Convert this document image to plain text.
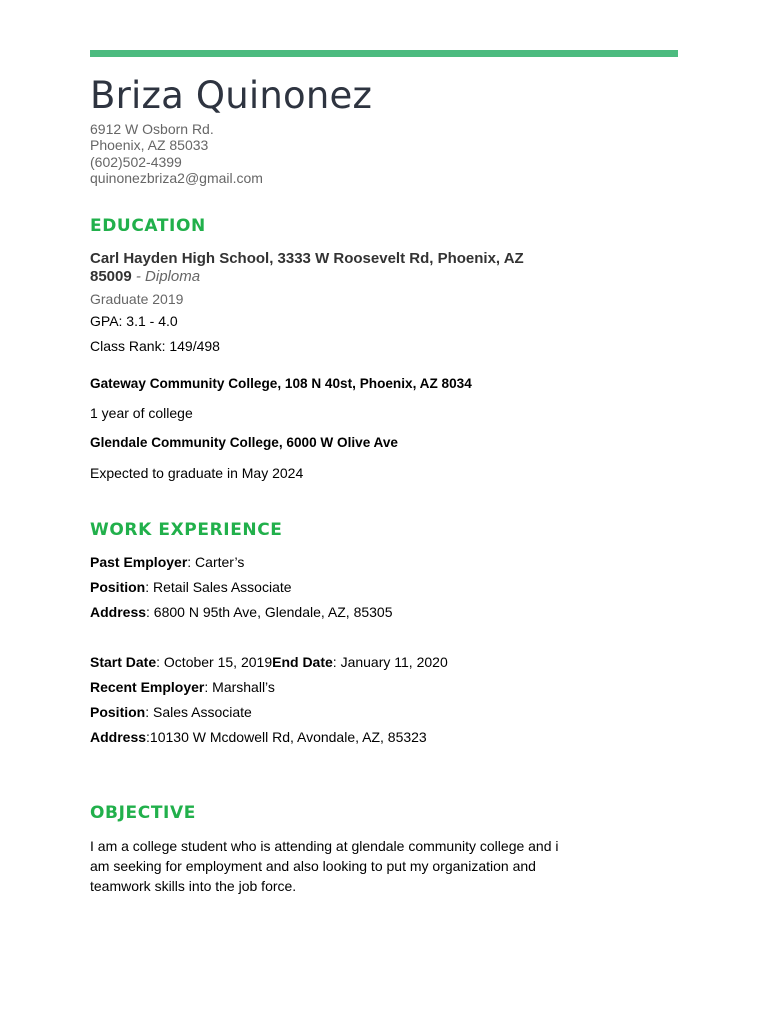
Briza Quinonez
6912 W Osborn Rd.
Phoenix, AZ 85033
(602)502-4399
quinonezbriza2@gmail.com
EDUCATION
Carl Hayden High School, 3333 W Roosevelt Rd, Phoenix, AZ 85009 - Diploma
Graduate 2019
GPA: 3.1 - 4.0
Class Rank: 149/498
Gateway Community College, 108 N 40st, Phoenix, AZ 8034
1 year of college
Glendale Community College, 6000 W Olive Ave
Expected to graduate in May 2024
WORK EXPERIENCE
Past Employer: Carter’s
Position: Retail Sales Associate
Address: 6800 N 95th Ave, Glendale, AZ, 85305
Start Date: October 15, 2019End Date: January 11, 2020
Recent Employer: Marshall’s
Position: Sales Associate
Address:10130 W Mcdowell Rd, Avondale, AZ, 85323
OBJECTIVE
I am a college student who is attending at glendale community college and i am seeking for employment and also looking to put my organization and teamwork skills into the job force.
